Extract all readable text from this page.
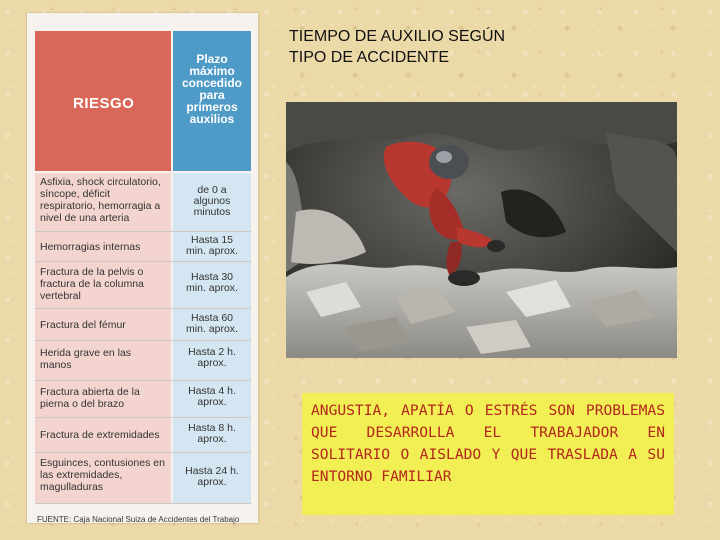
RIESGO
Plazo
máximo
concedido
para
primeros
auxilios
Asfixia, shock circulatorio,
síncope, déficit
respiratorio, hemorragia a
nivel de una arteria
de 0 a
algunos
minutos
Hemorragias internas
Hasta 15
min. aprox.
Fractura de la pelvis o
fractura de la columna
vertebral
Hasta 30
min. aprox.
Fractura del fémur
Hasta 60
min. aprox.
Herida grave en las
manos
Hasta 2 h.
aprox.
Fractura abierta de la
pierna o del brazo
Hasta 4 h.
aprox.
Fractura de extremidades
Hasta 8 h.
aprox.
Esguinces, contusiones en
las extremidades,
magulladuras
Hasta 24 h.
aprox.
FUENTE: Caja Nacional Suiza de Accidentes del Trabajo
TIEMPO DE AUXILIO SEGÚN
TIPO DE ACCIDENTE
ANGUSTIA, APATÍA O ESTRÉS SON PROBLEMAS QUE DESARROLLA EL TRABAJADOR EN SOLITARIO O AISLADO Y QUE TRASLADA A SU ENTORNO FAMILIAR
